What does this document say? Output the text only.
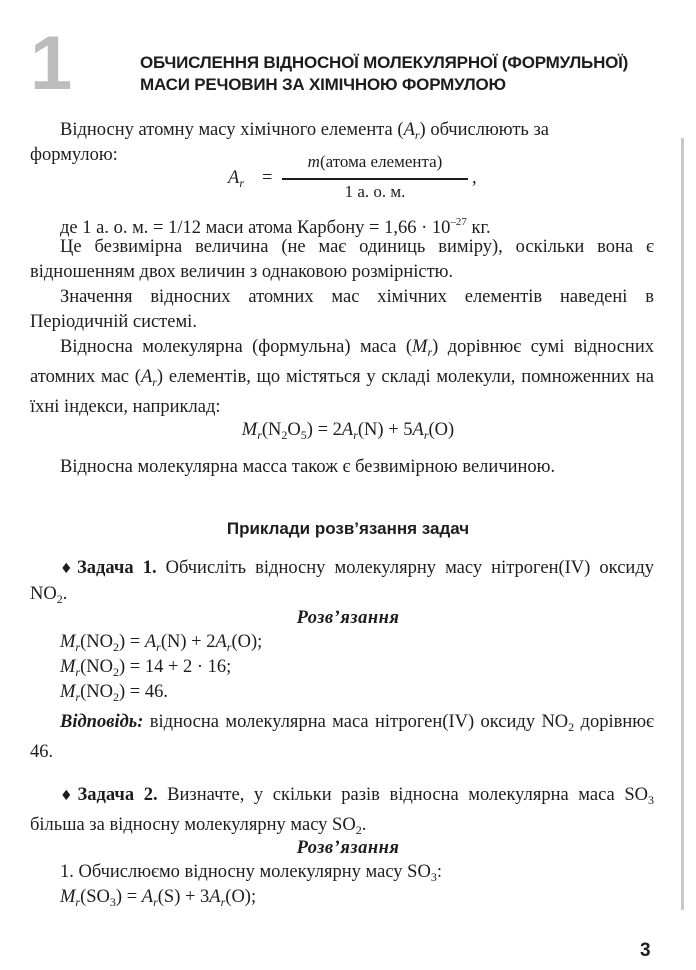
1	ОБЧИСЛЕННЯ ВІДНОСНОЇ МОЛЕКУЛЯРНОЇ (ФОРМУЛЬНОЇ)
МАСИ РЕЧОВИН ЗА ХІМІЧНОЮ ФОРМУЛОЮ
Відносну атомну масу хімічного елемента $(A_r)$ обчислюють за
формулою:
$A_r$ =
m(атома елемента)
1 а. о. м.
,
де 1 а. о. м. = 1/12 маси атома Карбону = $1,66 \cdot 10^{-27}$ кг.
Це безвимірна величина (не має одиниць виміру), оскільки вона є відношенням двох величин з однаковою розмірністю.
Значення відносних атомних мас хімічних елементів наведені в Періодичній системі.
Відносна молекулярна (формульна) маса $(M_r)$ дорівнює сумі відносних атомних мас $(A_r)$ елементів, що містяться у складі молекули, помноженних на їхні індекси, наприклад:
$M_r(N_2O_5) = 2A_r(N) + 5A_r(O)$
Відносна молекулярна масса також є безвимірною величиною.
Приклади розв’язання задач
♦Задача 1. Обчисліть відносну молекулярну масу нітроген(IV) оксиду $NO_2$.
Розв’язання
$M_r(NO_2) = A_r(N) + 2A_r(O)$;
$M_r(NO_2) = 14 + 2 \cdot 16$;
$M_r(NO_2) = 46$.
Відповідь: відносна молекулярна маса нітроген(IV) оксиду $NO_2$ дорівнює 46.
♦Задача 2. Визначте, у скільки разів відносна молекулярна маса $SO_3$ більша за відносну молекулярну масу $SO_2$.
Розв’язання
1. Обчислюємо відносну молекулярну масу $SO_3$:
$M_r(SO_3) = A_r(S) + 3A_r(O)$;
3
